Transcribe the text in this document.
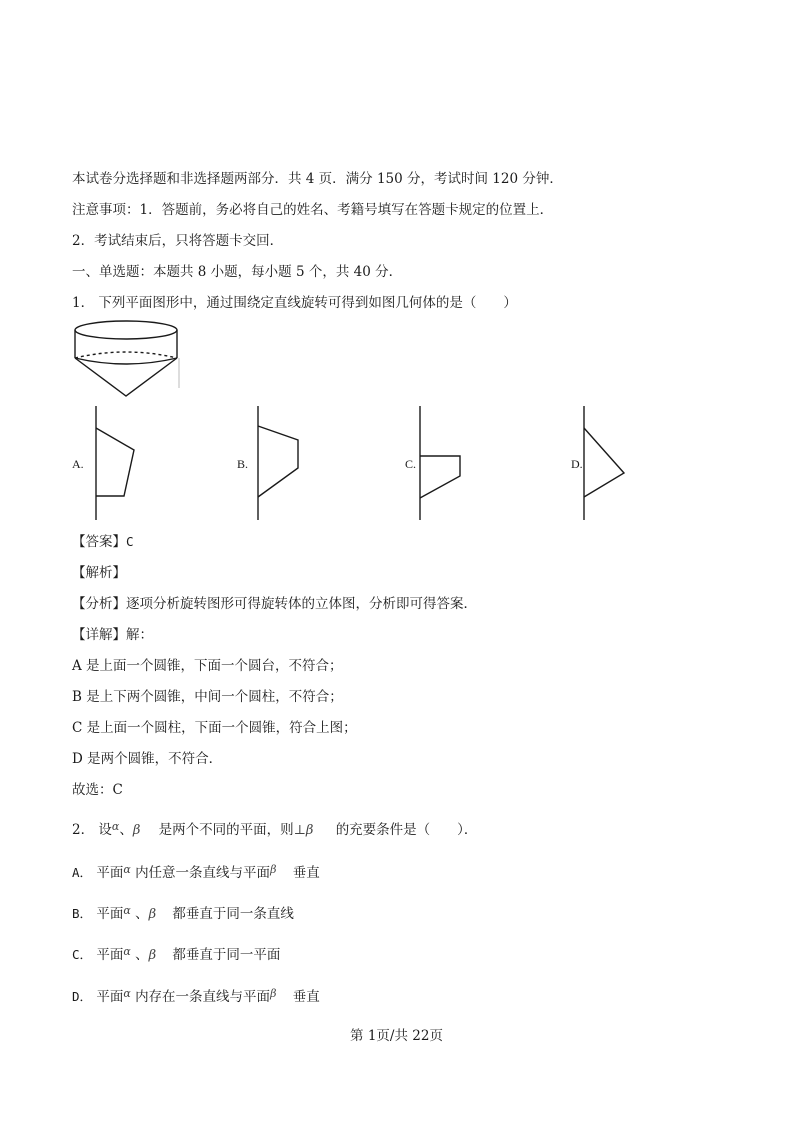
本试卷分选择题和非选择题两部分．共 4 页．满分 150 分，考试时间 120 分钟．
注意事项：1．答题前，务必将自己的姓名、考籍号填写在答题卡规定的位置上．
2．考试结束后，只将答题卡交回．
一、单选题：本题共 8 小题，每小题 5 个，共 40 分．
1． 下列平面图形中，通过围绕定直线旋转可得到如图几何体的是（　　）
A.	B.	C.	D.
【答案】C
【解析】
【分析】逐项分析旋转图形可得旋转体的立体图，分析即可得答案．
【详解】解：
A 是上面一个圆锥，下面一个圆台，不符合；
B 是上下两个圆锥，中间一个圆柱，不符合；
C 是上面一个圆柱，下面一个圆锥，符合上图；
D 是两个圆锥，不符合．
故选：C
2． 设$^\alpha$、β 是两个不同的平面，则⊥β 的充要条件是（　　）．
A． 平面$^\alpha$ 内任意一条直线与平面$^\beta$ 垂直
B． 平面$^\alpha$ 、β 都垂直于同一条直线
C． 平面$^\alpha$ 、β 都垂直于同一平面
D． 平面$^\alpha$ 内存在一条直线与平面$^\beta$ 垂直
第 1页/共 22页
